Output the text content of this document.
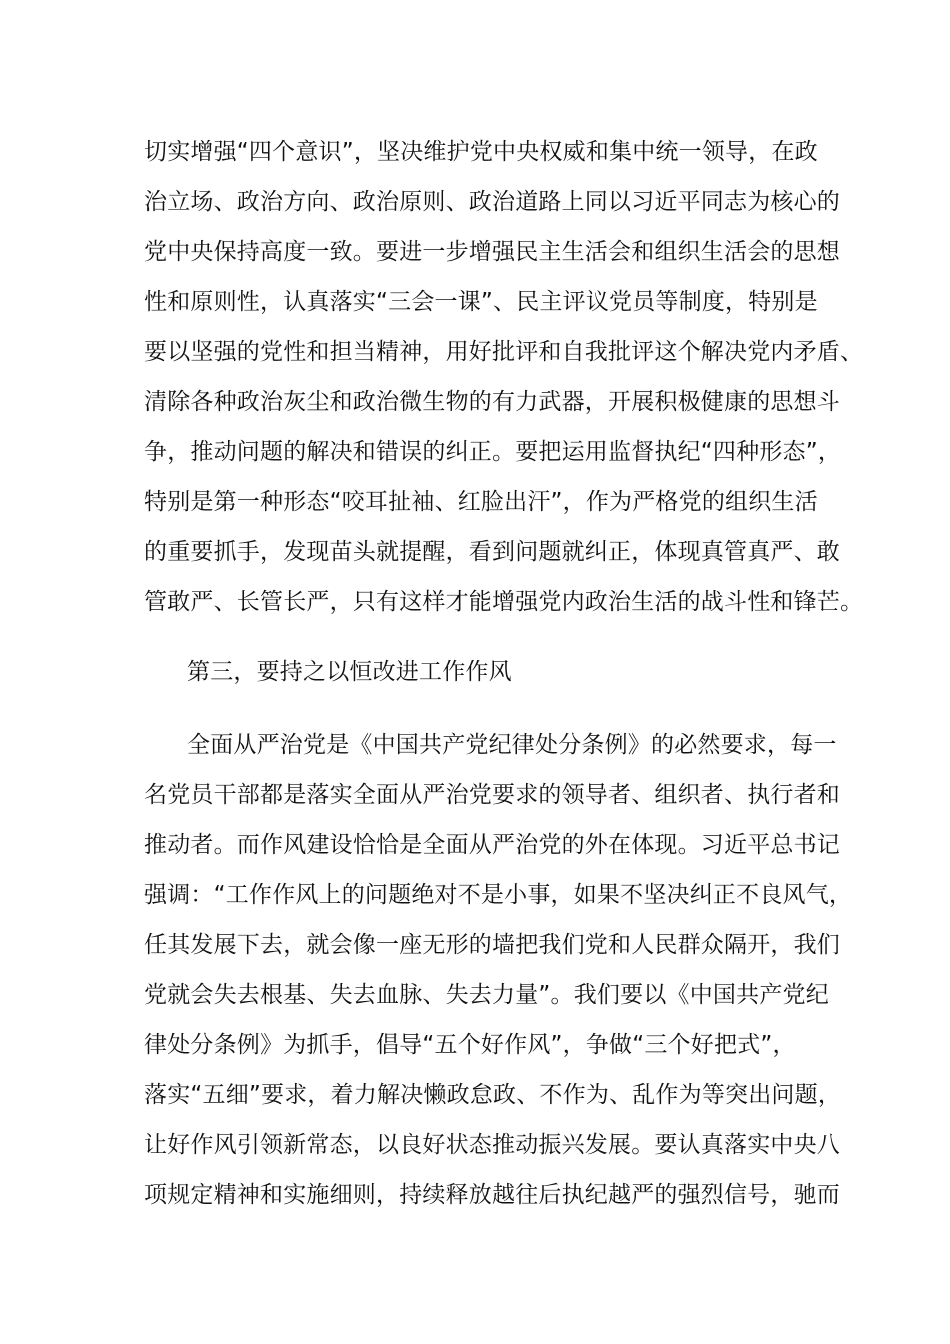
切实增强“四个意识”，坚决维护党中央权威和集中统一领导，在政
治立场、政治方向、政治原则、政治道路上同以习近平同志为核心的
党中央保持高度一致。要进一步增强民主生活会和组织生活会的思想
性和原则性，认真落实“三会一课”、民主评议党员等制度，特别是
要以坚强的党性和担当精神，用好批评和自我批评这个解决党内矛盾、
清除各种政治灰尘和政治微生物的有力武器，开展积极健康的思想斗
争，推动问题的解决和错误的纠正。要把运用监督执纪“四种形态”，
特别是第一种形态“咬耳扯袖、红脸出汗”，作为严格党的组织生活
的重要抓手，发现苗头就提醒，看到问题就纠正，体现真管真严、敢
管敢严、长管长严，只有这样才能增强党内政治生活的战斗性和锋芒。
第三，要持之以恒改进工作作风
全面从严治党是《中国共产党纪律处分条例》的必然要求，每一
名党员干部都是落实全面从严治党要求的领导者、组织者、执行者和
推动者。而作风建设恰恰是全面从严治党的外在体现。习近平总书记
强调：“工作作风上的问题绝对不是小事，如果不坚决纠正不良风气，
任其发展下去，就会像一座无形的墙把我们党和人民群众隔开，我们
党就会失去根基、失去血脉、失去力量”。我们要以《中国共产党纪
律处分条例》为抓手，倡导“五个好作风”，争做“三个好把式”，
落实“五细”要求，着力解决懒政怠政、不作为、乱作为等突出问题，
让好作风引领新常态，以良好状态推动振兴发展。要认真落实中央八
项规定精神和实施细则，持续释放越往后执纪越严的强烈信号，驰而
